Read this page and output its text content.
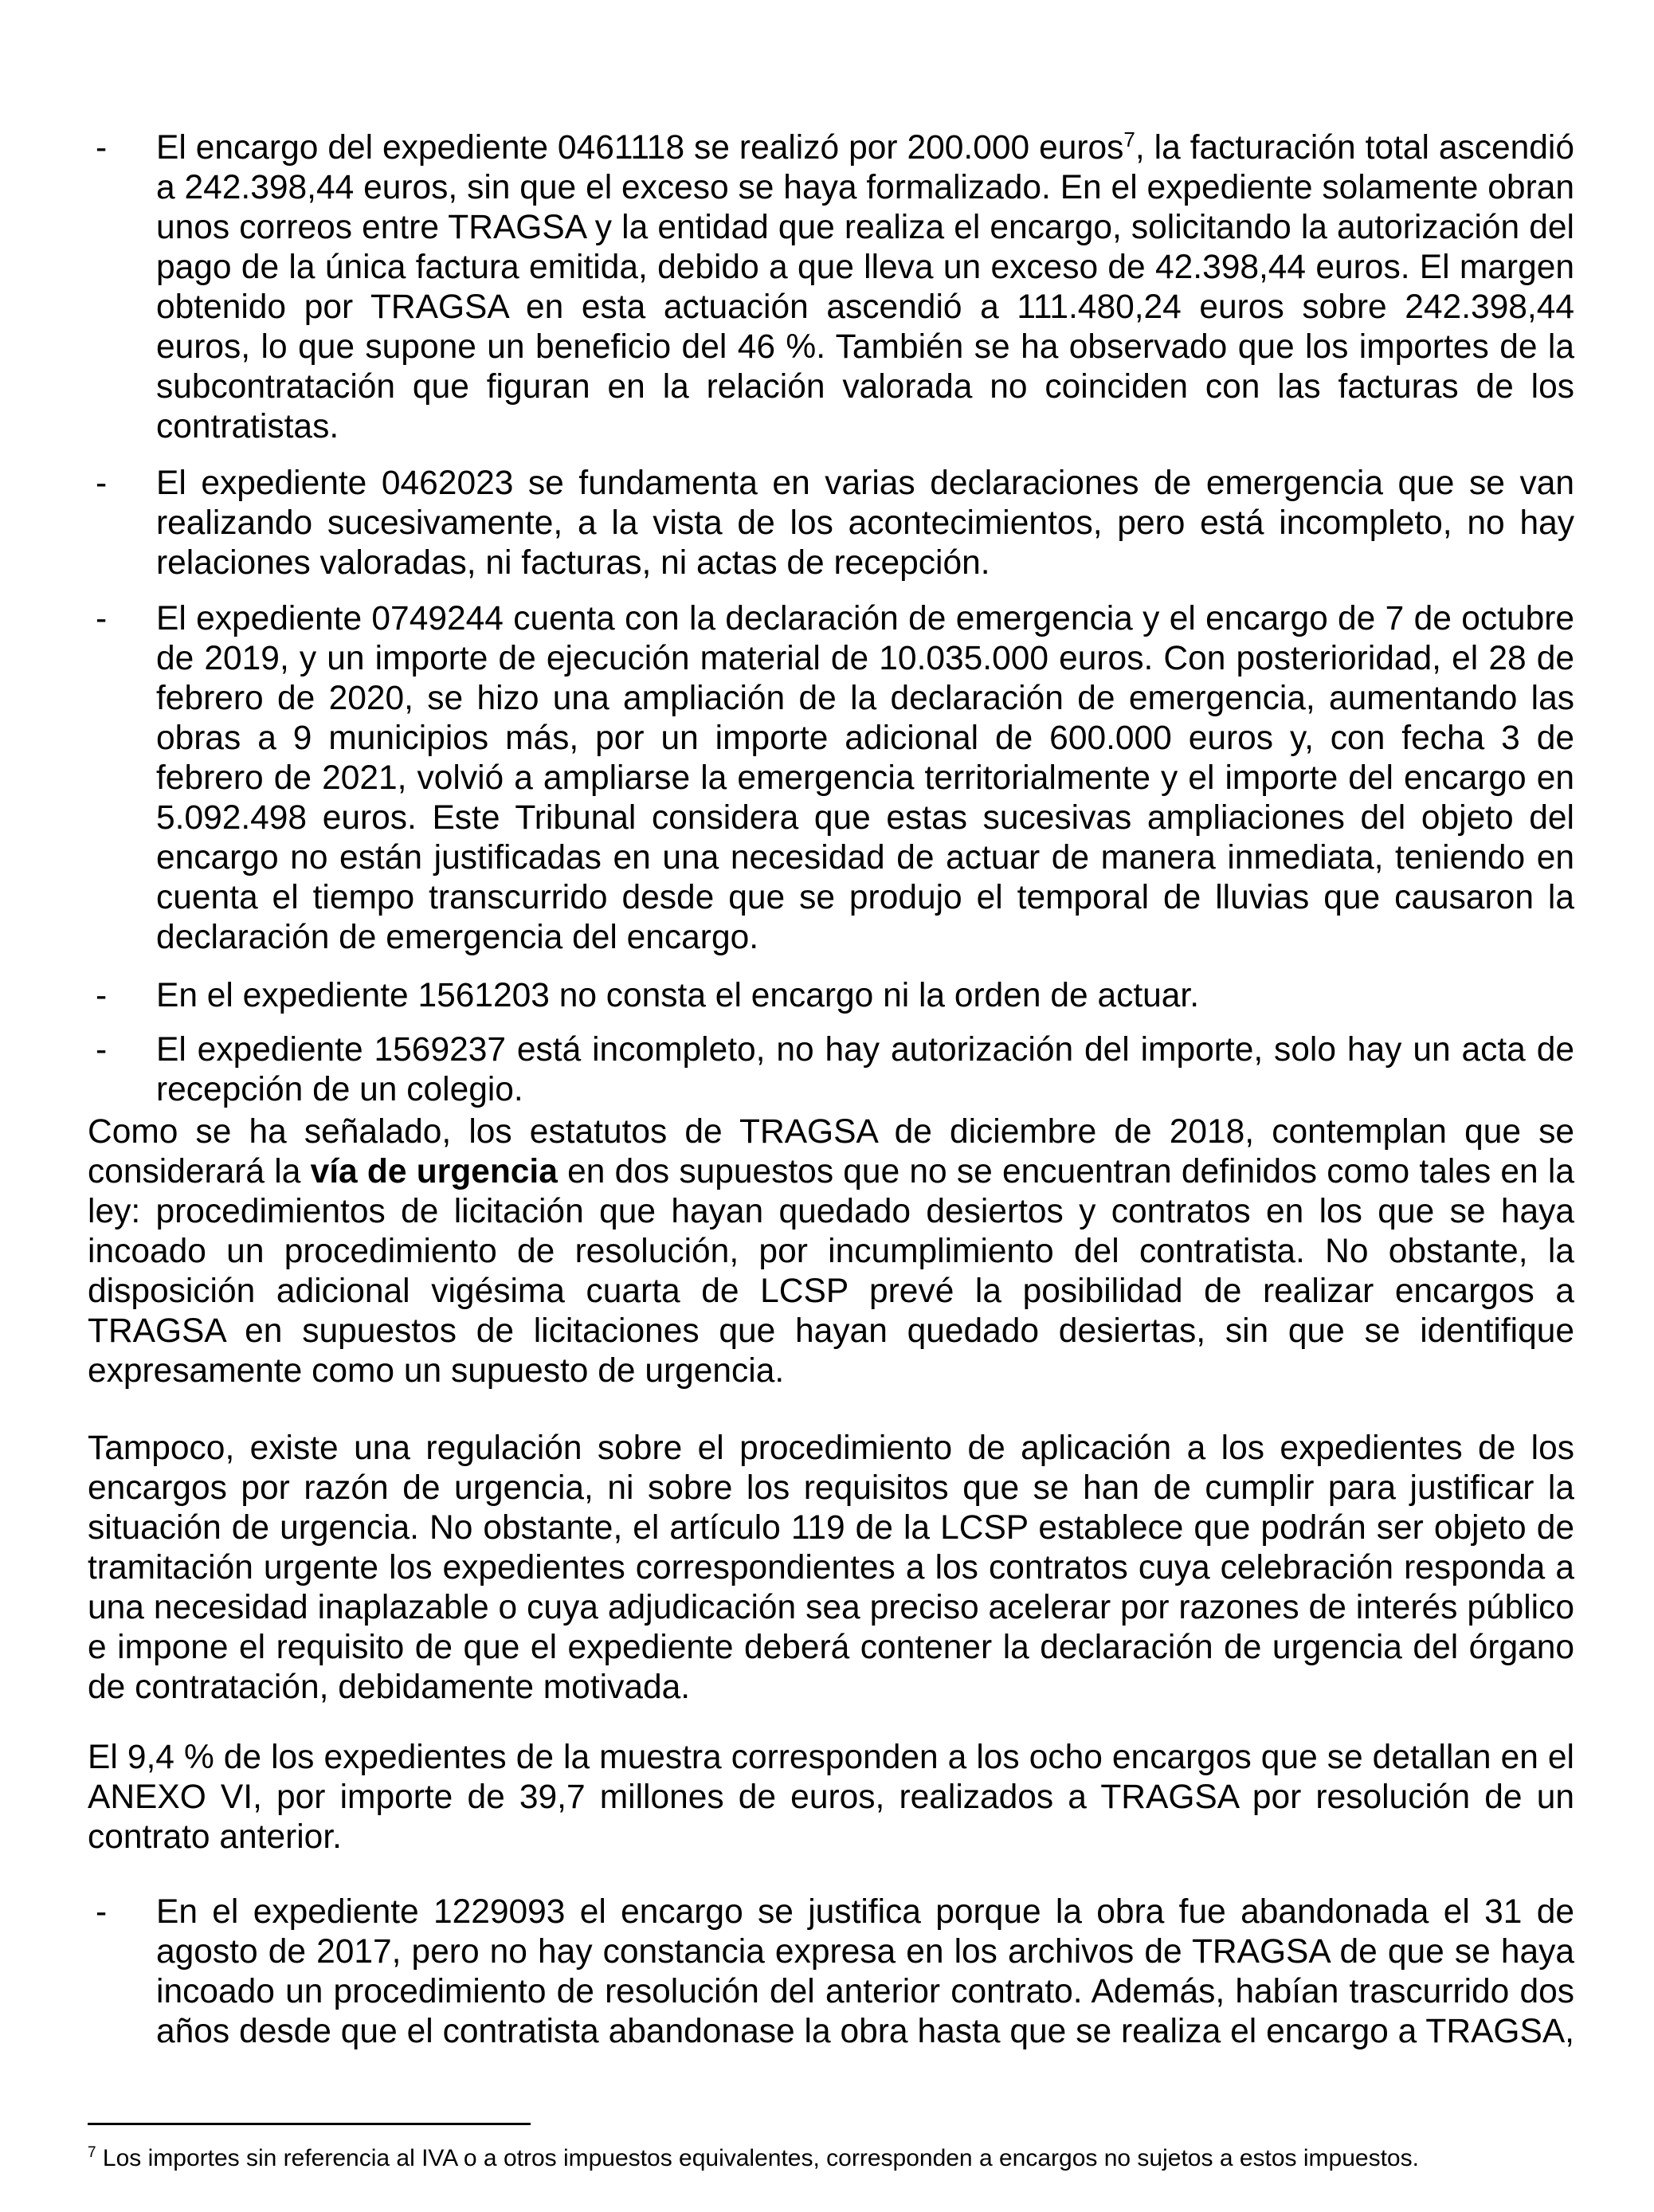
- El encargo del expediente 0461118 se realizó por 200.000 euros$^7$, la facturación total ascendió a 242.398,44 euros, sin que el exceso se haya formalizado. En el expediente solamente obran unos correos entre TRAGSA y la entidad que realiza el encargo, solicitando la autorización del pago de la única factura emitida, debido a que lleva un exceso de 42.398,44 euros. El margen obtenido por TRAGSA en esta actuación ascendió a 111.480,24 euros sobre 242.398,44 euros, lo que supone un beneficio del 46 %. También se ha observado que los importes de la subcontratación que figuran en la relación valorada no coinciden con las facturas de los contratistas.
- El expediente 0462023 se fundamenta en varias declaraciones de emergencia que se van realizando sucesivamente, a la vista de los acontecimientos, pero está incompleto, no hay relaciones valoradas, ni facturas, ni actas de recepción.
- El expediente 0749244 cuenta con la declaración de emergencia y el encargo de 7 de octubre de 2019, y un importe de ejecución material de 10.035.000 euros. Con posterioridad, el 28 de febrero de 2020, se hizo una ampliación de la declaración de emergencia, aumentando las obras a 9 municipios más, por un importe adicional de 600.000 euros y, con fecha 3 de febrero de 2021, volvió a ampliarse la emergencia territorialmente y el importe del encargo en 5.092.498 euros. Este Tribunal considera que estas sucesivas ampliaciones del objeto del encargo no están justificadas en una necesidad de actuar de manera inmediata, teniendo en cuenta el tiempo transcurrido desde que se produjo el temporal de lluvias que causaron la declaración de emergencia del encargo.
- En el expediente 1561203 no consta el encargo ni la orden de actuar.
- El expediente 1569237 está incompleto, no hay autorización del importe, solo hay un acta de recepción de un colegio.

Como se ha señalado, los estatutos de TRAGSA de diciembre de 2018, contemplan que se considerará la vía de urgencia en dos supuestos que no se encuentran definidos como tales en la ley: procedimientos de licitación que hayan quedado desiertos y contratos en los que se haya incoado un procedimiento de resolución, por incumplimiento del contratista. No obstante, la disposición adicional vigésima cuarta de LCSP prevé la posibilidad de realizar encargos a TRAGSA en supuestos de licitaciones que hayan quedado desiertas, sin que se identifique expresamente como un supuesto de urgencia.

Tampoco, existe una regulación sobre el procedimiento de aplicación a los expedientes de los encargos por razón de urgencia, ni sobre los requisitos que se han de cumplir para justificar la situación de urgencia. No obstante, el artículo 119 de la LCSP establece que podrán ser objeto de tramitación urgente los expedientes correspondientes a los contratos cuya celebración responda a una necesidad inaplazable o cuya adjudicación sea preciso acelerar por razones de interés público e impone el requisito de que el expediente deberá contener la declaración de urgencia del órgano de contratación, debidamente motivada.

El 9,4 % de los expedientes de la muestra corresponden a los ocho encargos que se detallan en el ANEXO VI, por importe de 39,7 millones de euros, realizados a TRAGSA por resolución de un contrato anterior.

- En el expediente 1229093 el encargo se justifica porque la obra fue abandonada el 31 de agosto de 2017, pero no hay constancia expresa en los archivos de TRAGSA de que se haya incoado un procedimiento de resolución del anterior contrato. Además, habían trascurrido dos años desde que el contratista abandonase la obra hasta que se realiza el encargo a TRAGSA,

$^7$ Los importes sin referencia al IVA o a otros impuestos equivalentes, corresponden a encargos no sujetos a estos impuestos.
